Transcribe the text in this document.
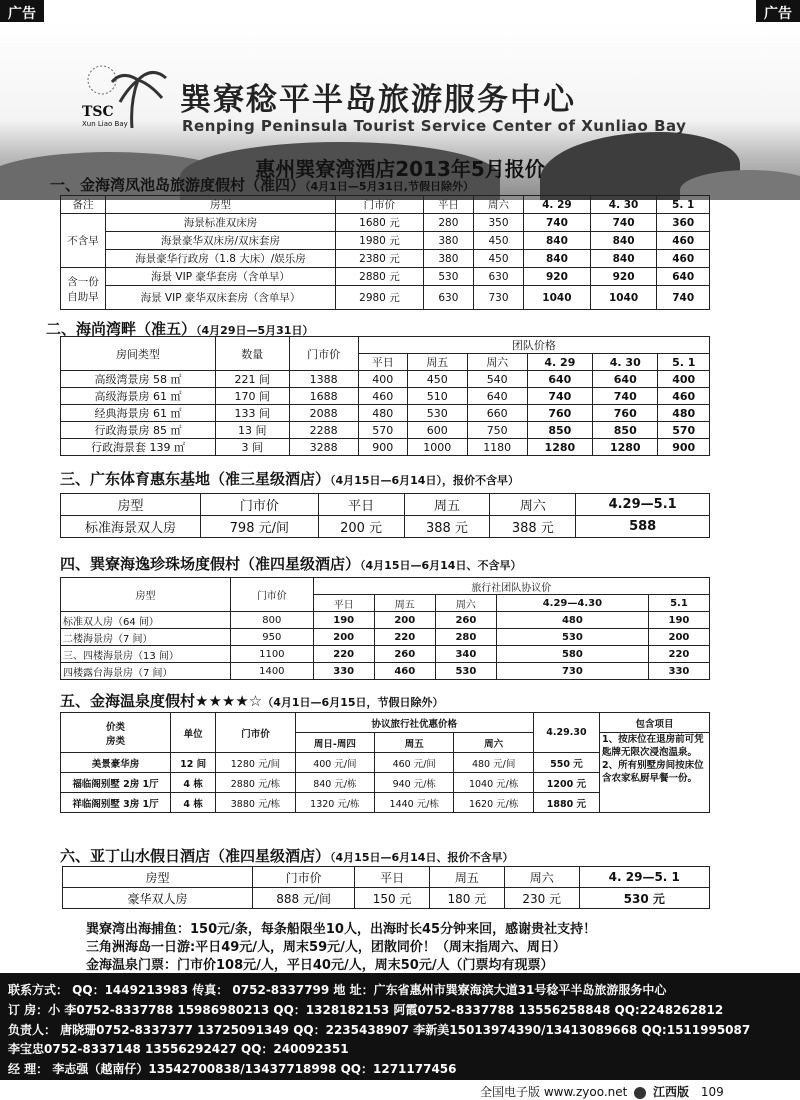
广告	广告
TSC
Xun Liao Bay
巽寮稔平半岛旅游服务中心
Renping Peninsula Tourist Service Center of Xunliao Bay
惠州巽寮湾酒店2013年5月报价
一、金海湾凤池岛旅游度假村（准四）（4月1日—5月31日,节假日除外）
备注	房型	门市价	平日	周六	4. 29	4. 30	5. 1
不含早	海景标准双床房	1680 元	280	350	740	740	360
	海景豪华双床房/双床套房	1980 元	380	450	840	840	460
	海景豪华行政房（1.8 大床）/娱乐房	2380 元	380	450	840	840	460
含一份自助早	海景 VIP 豪华套房（含单早）	2880 元	530	630	920	920	640
	海景 VIP 豪华双床套房（含单早）	2980 元	630	730	1040	1040	740
二、海尚湾畔（准五）（4月29日—5月31日）
房间类型	数量	门市价	团队价格					
			平日	周五	周六	4. 29	4. 30	5. 1
高级湾景房 58 ㎡	221 间	1388	400	450	540	640	640	400
高级海景房 61 ㎡	170 间	1688	460	510	640	740	740	460
经典海景房 61 ㎡	133 间	2088	480	530	660	760	760	480
行政海景房 85 ㎡	13 间	2288	570	600	750	850	850	570
行政海景套 139 ㎡	3 间	3288	900	1000	1180	1280	1280	900
三、广东体育惠东基地（准三星级酒店）（4月15日—6月14日），报价不含早）
房型	门市价	平日	周五	周六	4.29—5.1
标准海景双人房	798 元/间	200 元	388 元	388 元	588
四、巽寮海逸珍珠场度假村（准四星级酒店）（4月15日—6月14日、不含早）
房型	门市价	旅行社团队协议价				
		平日	周五	周六	4.29—4.30	5.1
标准双人房（64 间）	800	190	200	260	480	190
二楼海景房（7 间）	950	200	220	280	530	200
三、四楼海景房（13 间）	1100	220	260	340	580	220
四楼露台海景房（7 间）	1400	330	460	530	730	330
五、金海温泉度假村★★★★☆（4月1日—6月15日，节假日除外）
价类
房类	单位	门市价	协议旅行社优惠价格			4.29.30	包含项目
			周日-周四	周五	周六		1、按床位在退房前可凭匙牌无限次浸泡温泉。
2、所有别墅房间按床位含农家私厨早餐一份。

美景豪华房	12 间	1280 元/间	400 元/间	460 元/间	480 元/间	550 元	
福临阁别墅 2房 1厅	4 栋	2880 元/栋	840 元/栋	940 元/栋	1040 元/栋	1200 元	
祥临阁别墅 3房 1厅	4 栋	3880 元/栋	1320 元/栋	1440 元/栋	1620 元/栋	1880 元	
六、亚丁山水假日酒店（准四星级酒店）（4月15日—6月14日、报价不含早）
房型	门市价	平日	周五	周六	4. 29—5. 1
豪华双人房	888 元/间	150 元	180 元	230 元	530 元
巽寮湾出海捕鱼：150元/条，每条船限坐10人，出海时长45分钟来回，感谢贵社支持！
三角洲海岛一日游:平日49元/人，周末59元/人，团散同价！（周末指周六、周日）
金海温泉门票：门市价108元/人，平日40元/人，周末50元/人（门票均有现票）
联系方式： QQ：1449213983 传真： 0752-8337799 地 址：广东省惠州市巽寮海滨大道31号稔平半岛旅游服务中心
订 房：小 李0752-8337788 15986980213 QQ：1328182153 阿霞0752-8337788 13556258848 QQ:2248262812
负责人： 唐晓珊0752-8337377 13725091349 QQ：2235438907 李新美15013974390/13413089668 QQ:1511995087
李宝忠0752-8337148 13556292427 QQ：240092351
经 理： 李志强（越南仔）13542700838/13437718998 QQ：1271177456
全国电子版 www.zyoo.net 江西版 109
